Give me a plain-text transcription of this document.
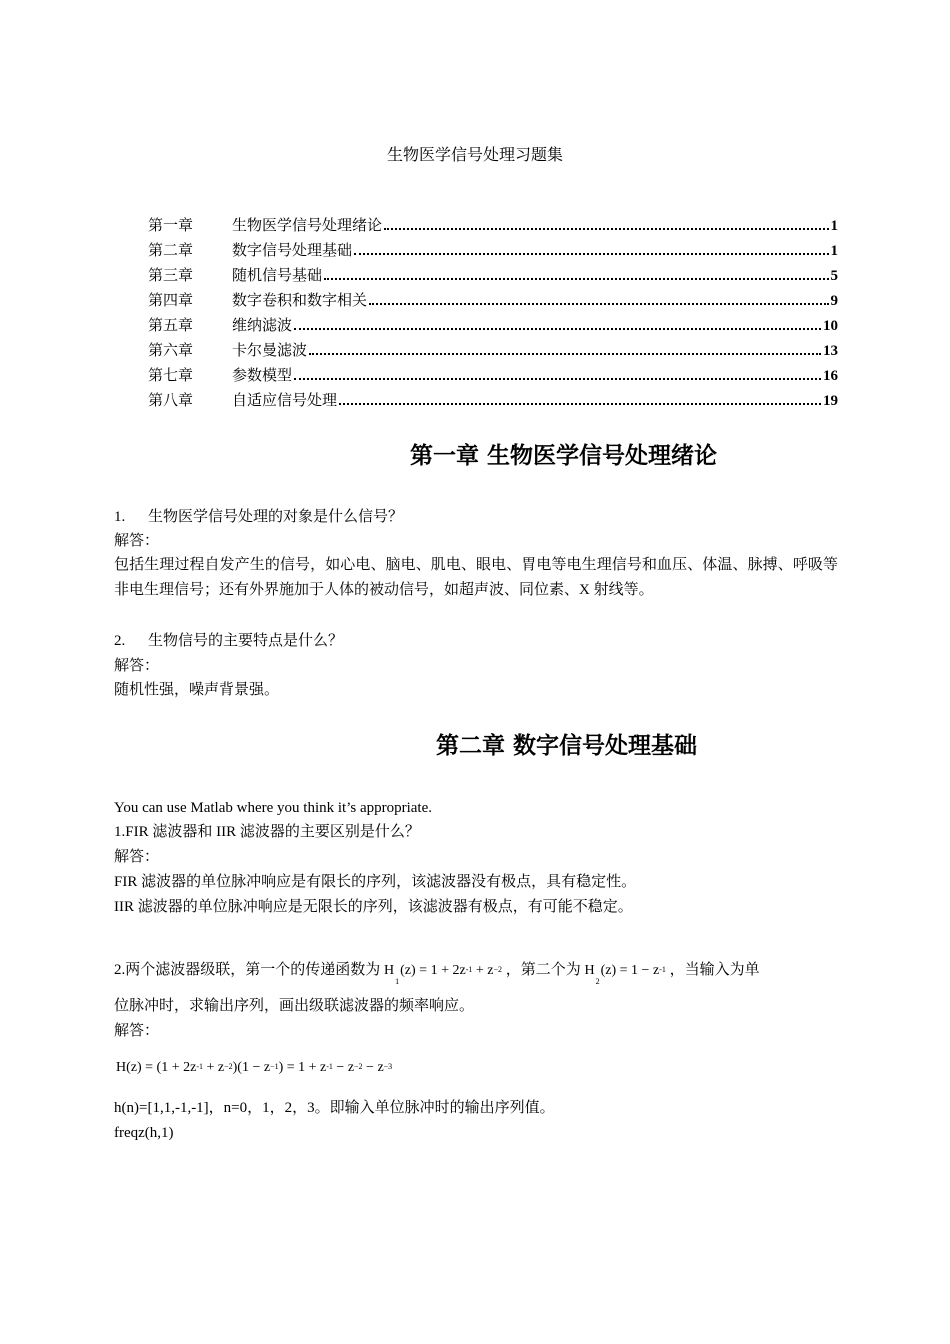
生物医学信号处理习题集
第一章	生物医学信号处理绪论	1
第二章	数字信号处理基础	1
第三章	随机信号基础	5
第四章	数字卷积和数字相关	9
第五章	维纳滤波	10
第六章	卡尔曼滤波	13
第七章	参数模型	16
第八章	自适应信号处理	19
第一章 生物医学信号处理绪论
1. 生物医学信号处理的对象是什么信号？
解答：
包括生理过程自发产生的信号，如心电、脑电、肌电、眼电、胃电等电生理信号和血压、体温、脉搏、呼吸等非电生理信号；还有外界施加于人体的被动信号，如超声波、同位素、X 射线等。
2. 生物信号的主要特点是什么？
解答：
随机性强，噪声背景强。
第二章 数字信号处理基础
You can use Matlab where you think it’s appropriate.
1.FIR 滤波器和 IIR 滤波器的主要区别是什么？
解答：
FIR 滤波器的单位脉冲响应是有限长的序列，该滤波器没有极点，具有稳定性。
IIR 滤波器的单位脉冲响应是无限长的序列，该滤波器有极点，有可能不稳定。
2.两个滤波器级联，第一个的传递函数为 $H_1(z) = 1 + 2z-1 + z-2$ ，第二个为 $H_2(z) = 1 - z-1$ ，当输入为单
位脉冲时，求输出序列，画出级联滤波器的频率响应。
解答：
H(z) = (1 + 2z-1 + z−2)(1 − z−1) = 1 + z-1 − z−2 − z−3
h(n)=[1,1,-1,-1]，n=0，1，2，3。即输入单位脉冲时的输出序列值。
freqz(h,1)
